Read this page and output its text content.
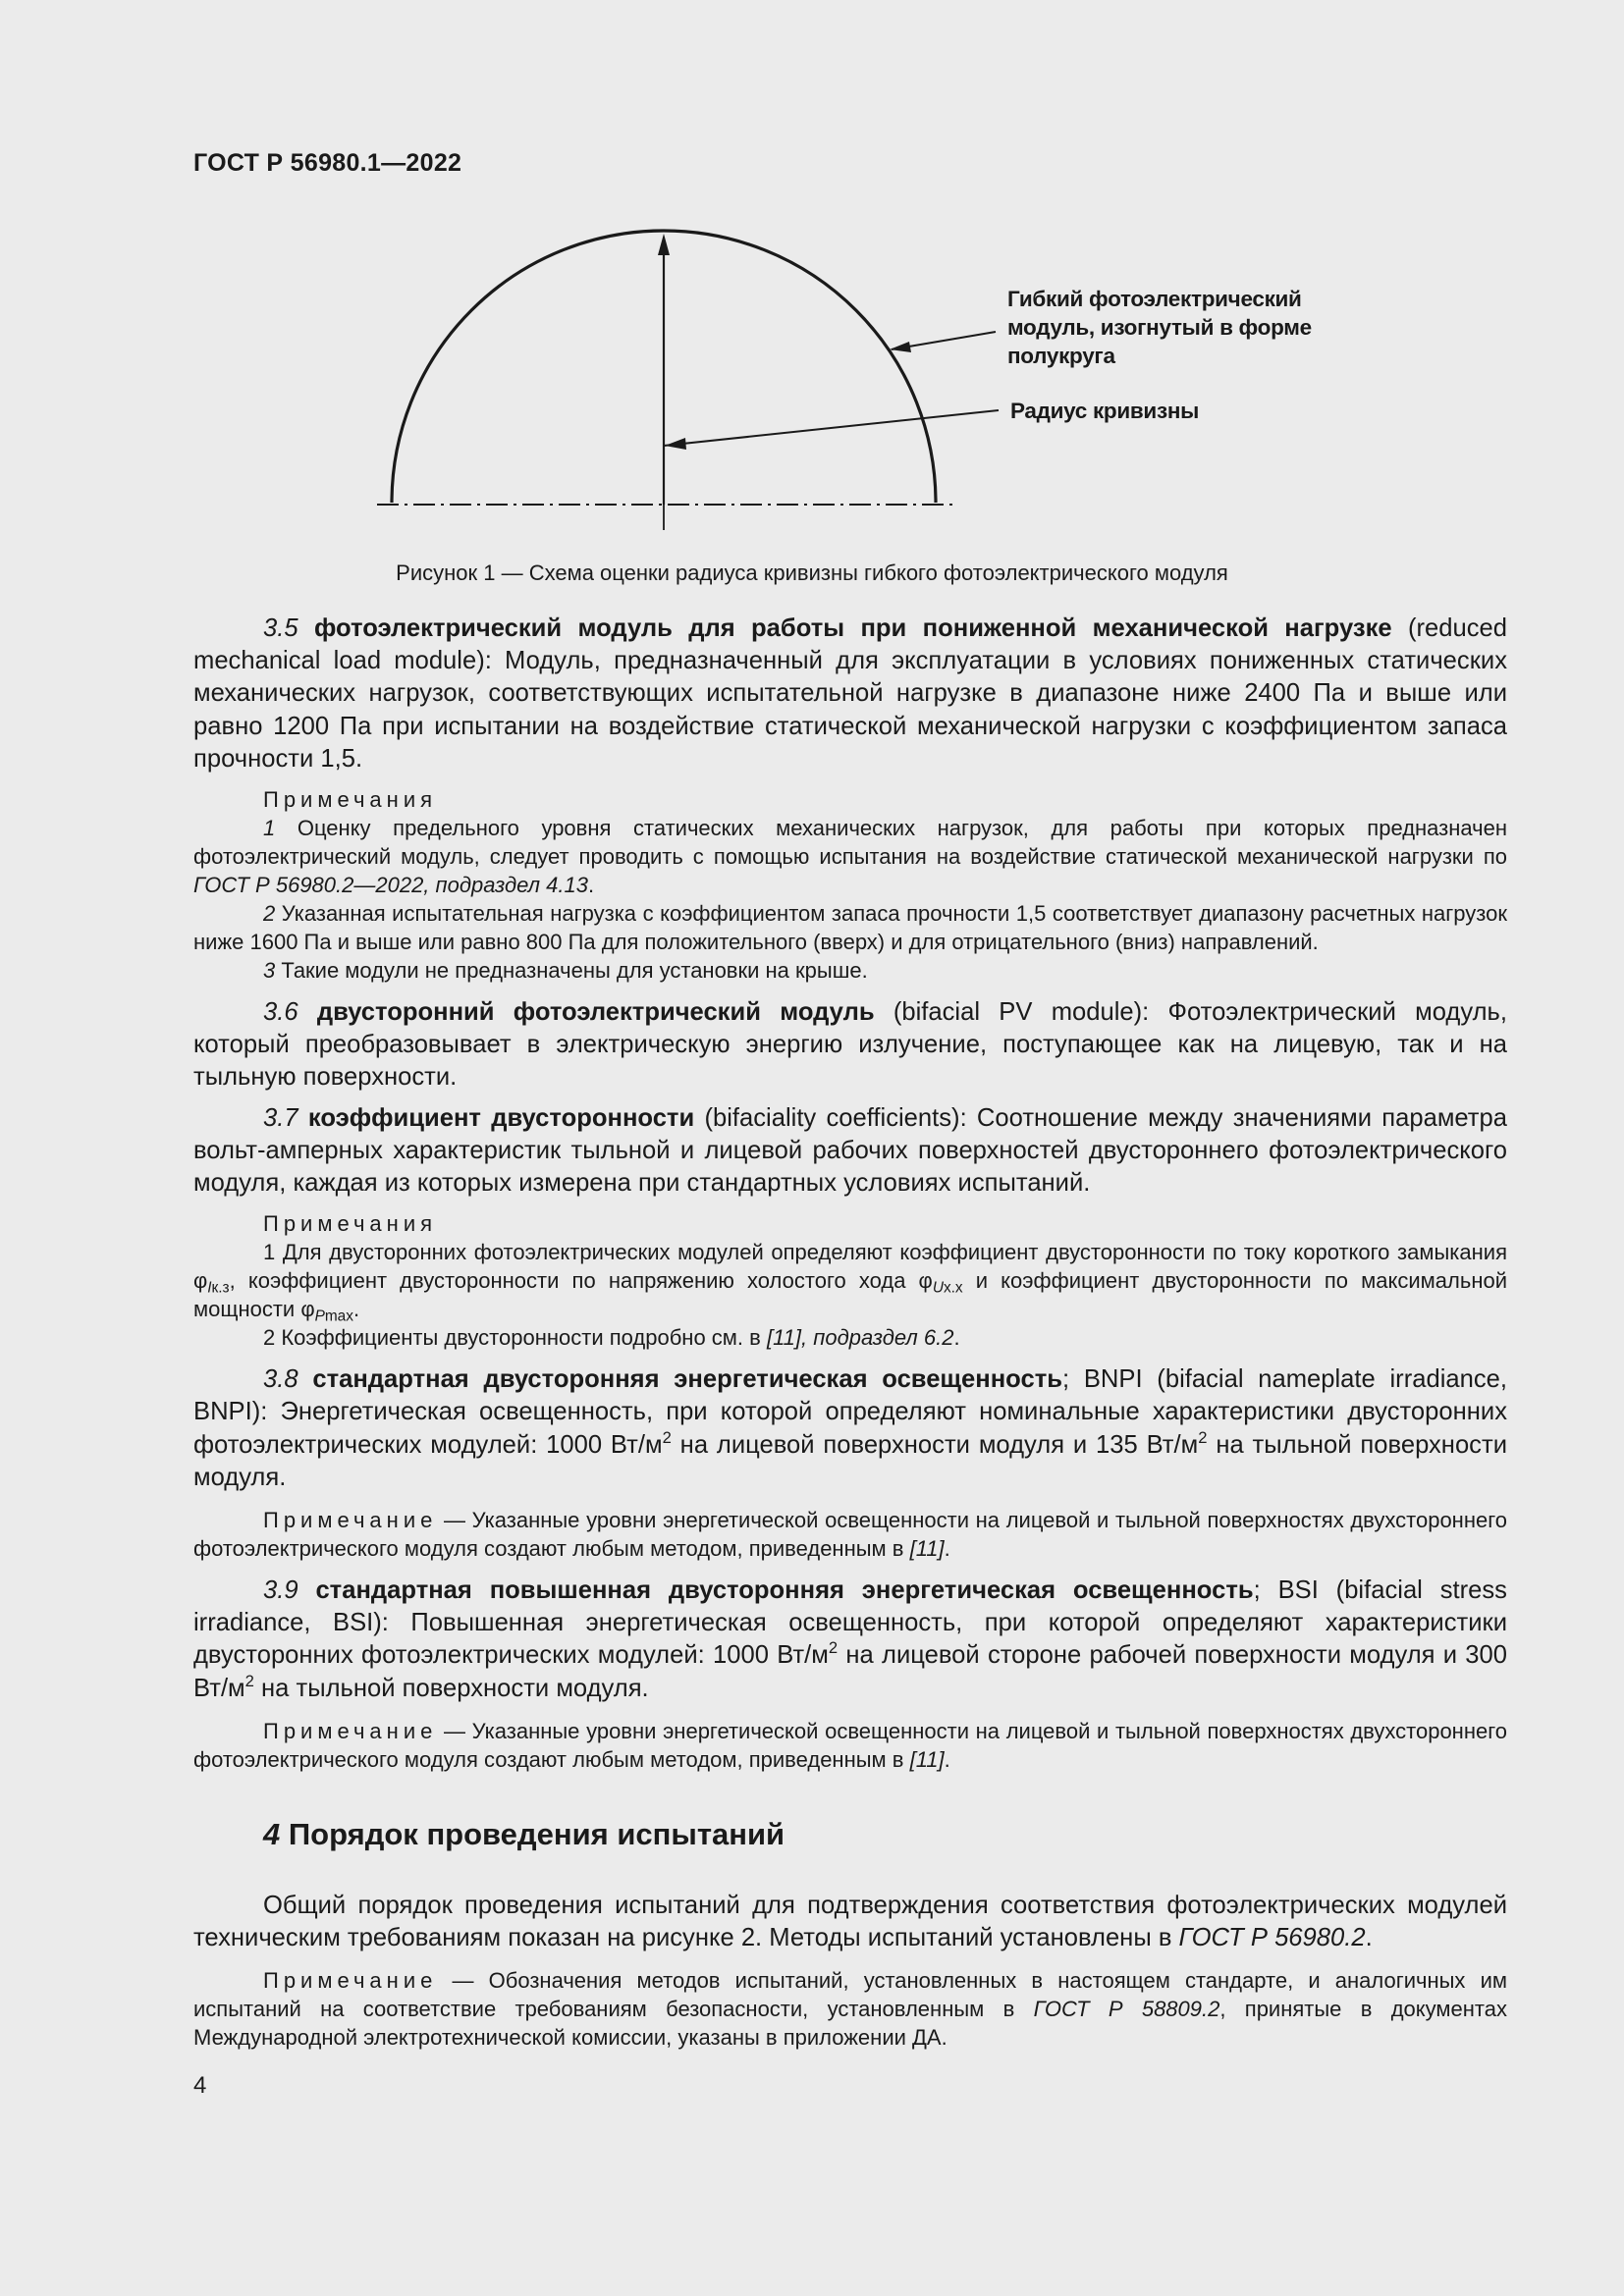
ГОСТ Р 56980.1—2022
Гибкий фотоэлектрический
модуль, изогнутый в форме
полукруга
Радиус кривизны
Рисунок 1 — Схема оценки радиуса кривизны гибкого фотоэлектрического модуля

3.5 фотоэлектрический модуль для работы при пониженной механической нагрузке (reduced mechanical load module): Модуль, предназначенный для эксплуатации в условиях пониженных статических механических нагрузок, соответствующих испытательной нагрузке в диапазоне ниже 2400 Па и выше или равно 1200 Па при испытании на воздействие статической механической нагрузки с коэффициентом запаса прочности 1,5.

Примечания

1 Оценку предельного уровня статических механических нагрузок, для работы при которых предназначен фотоэлектрический модуль, следует проводить с помощью испытания на воздействие статической механической нагрузки по ГОСТ Р 56980.2—2022, подраздел 4.13.

2 Указанная испытательная нагрузка с коэффициентом запаса прочности 1,5 соответствует диапазону расчетных нагрузок ниже 1600 Па и выше или равно 800 Па для положительного (вверх) и для отрицательного (вниз) направлений.

3 Такие модули не предназначены для установки на крыше.

3.6 двусторонний фотоэлектрический модуль (bifacial PV module): Фотоэлектрический модуль, который преобразовывает в электрическую энергию излучение, поступающее как на лицевую, так и на тыльную поверхности.

3.7 коэффициент двусторонности (bifaciality coefficients): Соотношение между значениями параметра вольт-амперных характеристик тыльной и лицевой рабочих поверхностей двустороннего фотоэлектрического модуля, каждая из которых измерена при стандартных условиях испытаний.

Примечания

1 Для двусторонних фотоэлектрических модулей определяют коэффициент двусторонности по току короткого замыкания $\varphi_{Iк.з}$, коэффициент двусторонности по напряжению холостого хода $\varphi_{Uх.х}$ и коэффициент двусторонности по максимальной мощности $\varphi_{Pmax}$.

2 Коэффициенты двусторонности подробно см. в [11], подраздел 6.2.

3.8 стандартная двусторонняя энергетическая освещенность; BNPI (bifacial nameplate irradiance, BNPI): Энергетическая освещенность, при которой определяют номинальные характеристики двусторонних фотоэлектрических модулей: 1000 $Вт/м^2$ на лицевой поверхности модуля и 135 $Вт/м^2$ на тыльной поверхности модуля.

Примечание — Указанные уровни энергетической освещенности на лицевой и тыльной поверхностях двухстороннего фотоэлектрического модуля создают любым методом, приведенным в [11].

3.9 стандартная повышенная двусторонняя энергетическая освещенность; BSI (bifacial stress irradiance, BSI): Повышенная энергетическая освещенность, при которой определяют характеристики двусторонних фотоэлектрических модулей: 1000 $Вт/м^2$ на лицевой стороне рабочей поверхности модуля и 300 $Вт/м^2$ на тыльной поверхности модуля.

Примечание — Указанные уровни энергетической освещенности на лицевой и тыльной поверхностях двухстороннего фотоэлектрического модуля создают любым методом, приведенным в [11].

4 Порядок проведения испытаний

Общий порядок проведения испытаний для подтверждения соответствия фотоэлектрических модулей техническим требованиям показан на рисунке 2. Методы испытаний установлены в ГОСТ Р 56980.2.

Примечание — Обозначения методов испытаний, установленных в настоящем стандарте, и аналогичных им испытаний на соответствие требованиям безопасности, установленным в ГОСТ Р 58809.2, принятые в документах Международной электротехнической комиссии, указаны в приложении ДА.

4
